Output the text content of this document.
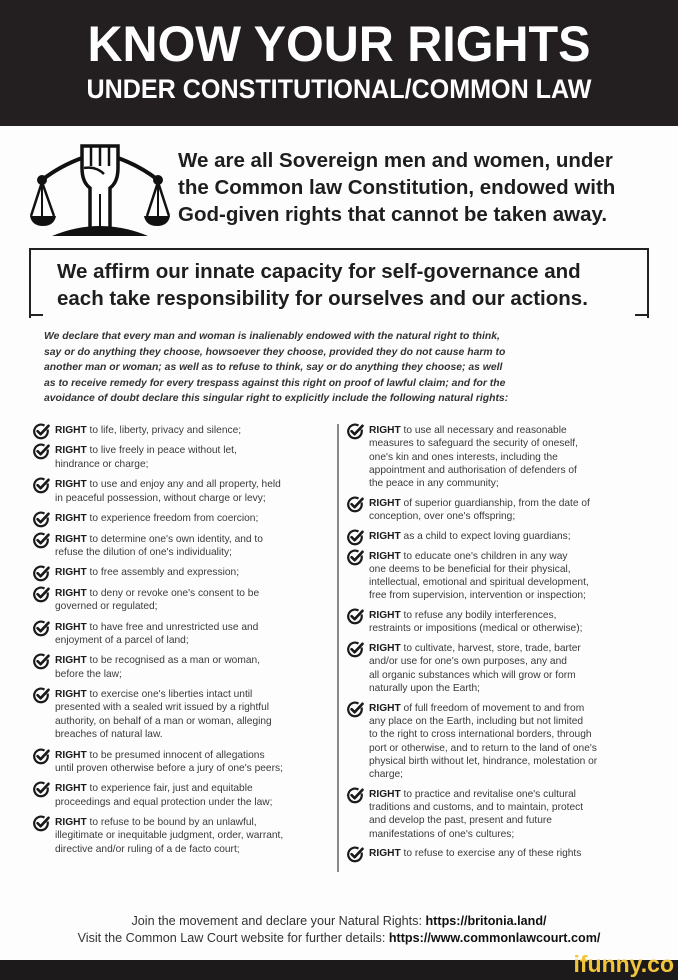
KNOW YOUR RIGHTS
UNDER CONSTITUTIONAL/COMMON LAW
We are all Sovereign men and women, under
the Common law Constitution, endowed with
God-given rights that cannot be taken away.
We affirm our innate capacity for self-governance and
each take responsibility for ourselves and our actions.
We declare that every man and woman is inalienably endowed with the natural right to think,
say or do anything they choose, howsoever they choose, provided they do not cause harm to
another man or woman; as well as to refuse to think, say or do anything they choose; as well
as to receive remedy for every trespass against this right on proof of lawful claim; and for the
avoidance of doubt declare this singular right to explicitly include the following natural rights:
RIGHT to life, liberty, privacy and silence;
RIGHT to live freely in peace without let,
hindrance or charge;
RIGHT to use and enjoy any and all property, held
in peaceful possession, without charge or levy;
RIGHT to experience freedom from coercion;
RIGHT to determine one's own identity, and to
refuse the dilution of one's individuality;
RIGHT to free assembly and expression;
RIGHT to deny or revoke one's consent to be
governed or regulated;
RIGHT to have free and unrestricted use and
enjoyment of a parcel of land;
RIGHT to be recognised as a man or woman,
before the law;
RIGHT to exercise one's liberties intact until
presented with a sealed writ issued by a rightful
authority, on behalf of a man or woman, alleging
breaches of natural law.
RIGHT to be presumed innocent of allegations
until proven otherwise before a jury of one's peers;
RIGHT to experience fair, just and equitable
proceedings and equal protection under the law;
RIGHT to refuse to be bound by an unlawful,
illegitimate or inequitable judgment, order, warrant,
directive and/or ruling of a de facto court;
RIGHT to use all necessary and reasonable
measures to safeguard the security of oneself,
one's kin and ones interests, including the
appointment and authorisation of defenders of
the peace in any community;
RIGHT of superior guardianship, from the date of
conception, over one's offspring;
RIGHT as a child to expect loving guardians;
RIGHT to educate one's children in any way
one deems to be beneficial for their physical,
intellectual, emotional and spiritual development,
free from supervision, intervention or inspection;
RIGHT to refuse any bodily interferences,
restraints or impositions (medical or otherwise);
RIGHT to cultivate, harvest, store, trade, barter
and/or use for one's own purposes, any and
all organic substances which will grow or form
naturally upon the Earth;
RIGHT of full freedom of movement to and from
any place on the Earth, including but not limited
to the right to cross international borders, through
port or otherwise, and to return to the land of one's
physical birth without let, hindrance, molestation or
charge;
RIGHT to practice and revitalise one's cultural
traditions and customs, and to maintain, protect
and develop the past, present and future
manifestations of one's cultures;
RIGHT to refuse to exercise any of these rights
Join the movement and declare your Natural Rights: https://britonia.land/
Visit the Common Law Court website for further details: https://www.commonlawcourt.com/
ifunny.co
